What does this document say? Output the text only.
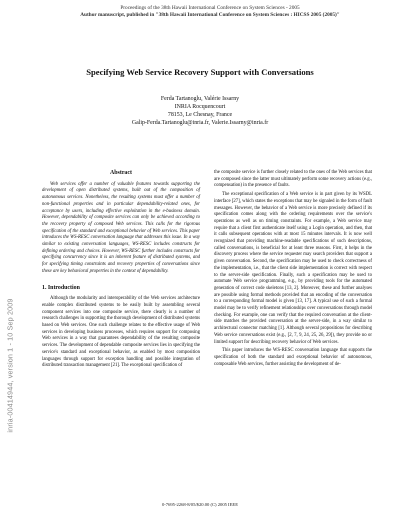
inria-00414944, version 1 - 10 Sep 2009
Proceedings of the 38th Hawaii International Conference on System Sciences - 2005
Author manuscript, published in "38th Hawaii International Conference on System Sciences : HICSS 2005 (2005)"
Specifying Web Service Recovery Support with Conversations
Ferda Tartanoglu, Valérie Issarny
INRIA Rocquencourt
78153, Le Chesnay, France
Galip-Ferda.Tartanoglu@inria.fr, Valerie.Issarny@inria.fr
Abstract

Web services offer a number of valuable features towards supporting the development of open distributed systems, built out of the composition of autonomous services. Nonetheless, the resulting systems must offer a number of non-functional properties and in particular dependability-related ones, for acceptance by users, including effective exploitation in the e-business domain. However, dependability of composite services can only be achieved according to the recovery property of composed Web services. This calls for the rigorous specification of the standard and exceptional behavior of Web services. This paper introduces the WS-RESC conversation language that addresses this issue. In a way similar to existing conversation languages, WS-RESC includes constructs for defining ordering and choices. However, WS-RESC further includes constructs for specifying concurrency since it is an inherent feature of distributed systems, and for specifying timing constraints and recovery properties of conversations since these are key behavioral properties in the context of dependability.

1. Introduction

Although the modularity and interoperability of the Web services architecture enable complex distributed systems to be easily built by assembling several component services into one composite service, there clearly is a number of research challenges in supporting the thorough development of distributed systems based on Web services. One such challenge relates to the effective usage of Web services in developing business processes, which requires support for composing Web services in a way that guarantees dependability of the resulting composite services. The development of dependable composite services lies in specifying the service's standard and exceptional behavior, as enabled by most composition languages through support for exception handling and possible integration of distributed transaction management [21]. The exceptional specification of

the composite service is further closely related to the ones of the Web services that are composed since the latter must ultimately perform some recovery actions (e.g., compensation) in the presence of faults.

The exceptional specification of a Web service is in part given by its WSDL interface [27], which states the exceptions that may be signaled in the form of fault messages. However, the behavior of a Web service is more precisely defined if its specification comes along with the ordering requirements over the service's operations as well as on timing constraints. For example, a Web service may require that a client first authenticate itself using a Login operation, and then, that it calls subsequent operations with at most 15 minutes intervals. It is now well recognized that providing machine-readable specifications of such descriptions, called conversations, is beneficial for at least three reasons. First, it helps in the discovery process where the service requester may search providers that support a given conversation. Second, the specification may be used to check correctness of the implementation, i.e., that the client side implementation is correct with respect to the server-side specification. Finally, such a specification may be used to automate Web service programming, e.g., by providing tools for the automated generation of correct code skeletons [13, 2]. Moreover, these and further analyses are possible using formal methods provided that an encoding of the conversation to a corresponding formal model is given [13, 17]. A typical use of such a formal model may be to verify refinement relationships over conversations through model checking. For example, one can verify that the required conversation at the client-side matches the provided conversation at the server-side, in a way similar to architectural connector matching [1]. Although several propositions for describing Web service conversations exist (e.g., [2, 7, 9, 24, 25, 26, 29]), they provide no or limited support for describing recovery behavior of Web services.

This paper introduces the WS-RESC conversation language that supports the specification of both the standard and exceptional behavior of autonomous, composable Web services, further assisting the development of de-

0-7695-2268-8/05/$20.00 (C) 2005 IEEE
